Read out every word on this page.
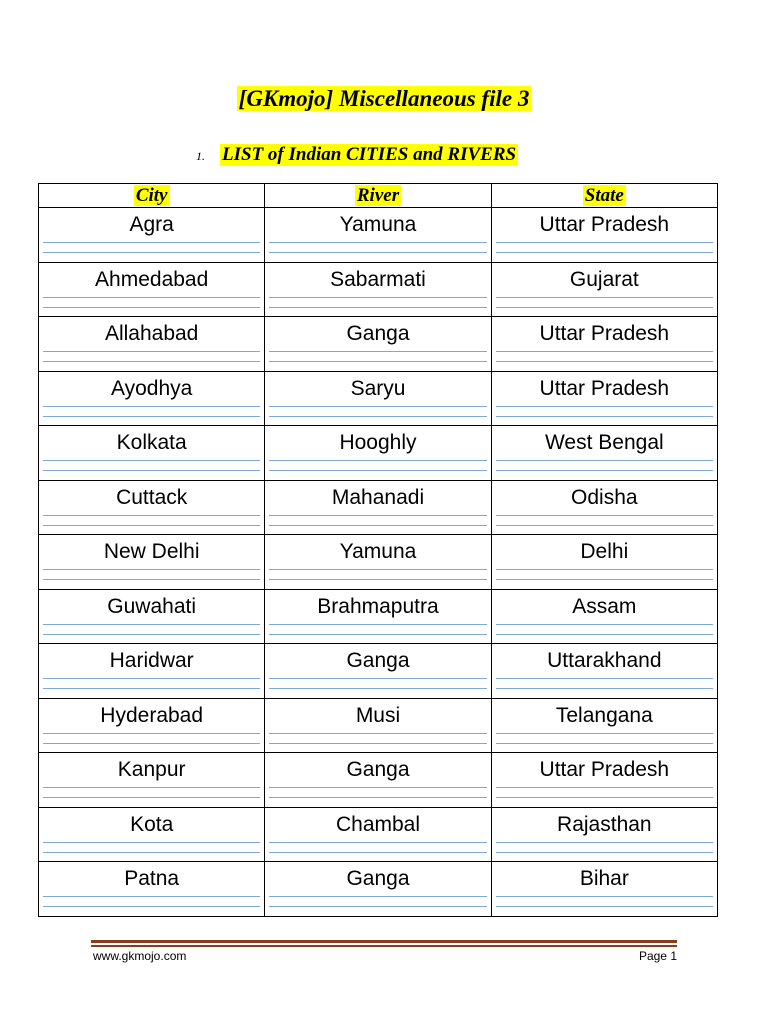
[GKmojo] Miscellaneous file 3
1. LIST of Indian CITIES and RIVERS
City	River	State

Agra	Yamuna	Uttar Pradesh

Ahmedabad	Sabarmati	Gujarat

Allahabad	Ganga	Uttar Pradesh

Ayodhya	Saryu	Uttar Pradesh

Kolkata	Hooghly	West Bengal

Cuttack	Mahanadi	Odisha

New Delhi	Yamuna	Delhi

Guwahati	Brahmaputra	Assam

Haridwar	Ganga	Uttarakhand

Hyderabad	Musi	Telangana

Kanpur	Ganga	Uttar Pradesh

Kota	Chambal	Rajasthan

Patna	Ganga	Bihar
www.gkmojo.com	Page 1
